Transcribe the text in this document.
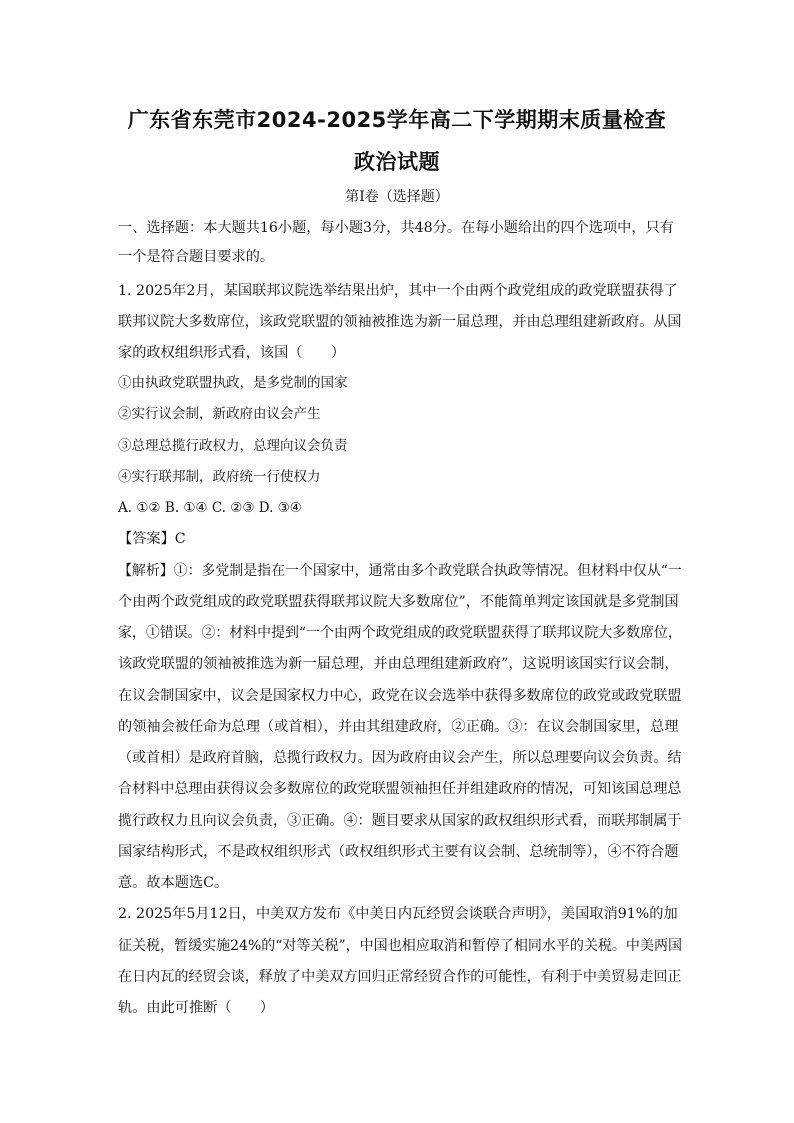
广东省东莞市2024-2025学年高二下学期期末质量检查
政治试题
第Ⅰ卷（选择题）
一、选择题：本大题共16小题，每小题3分，共48分。在每小题给出的四个选项中，只有
一个是符合题目要求的。
1. 2025年2月，某国联邦议院选举结果出炉，其中一个由两个政党组成的政党联盟获得了
联邦议院大多数席位，该政党联盟的领袖被推选为新一届总理，并由总理组建新政府。从国
家的政权组织形式看，该国（　　）
①由执政党联盟执政，是多党制的国家
②实行议会制，新政府由议会产生
③总理总揽行政权力，总理向议会负责
④实行联邦制，政府统一行使权力
A. ①② B. ①④ C. ②③ D. ③④
【答案】C
【解析】①：多党制是指在一个国家中，通常由多个政党联合执政等情况。但材料中仅从“一
个由两个政党组成的政党联盟获得联邦议院大多数席位”，不能简单判定该国就是多党制国
家，①错误。②：材料中提到“一个由两个政党组成的政党联盟获得了联邦议院大多数席位，
该政党联盟的领袖被推选为新一届总理，并由总理组建新政府”，这说明该国实行议会制，
在议会制国家中，议会是国家权力中心，政党在议会选举中获得多数席位的政党或政党联盟
的领袖会被任命为总理（或首相），并由其组建政府，②正确。③：在议会制国家里，总理
（或首相）是政府首脑，总揽行政权力。因为政府由议会产生，所以总理要向议会负责。结
合材料中总理由获得议会多数席位的政党联盟领袖担任并组建政府的情况，可知该国总理总
揽行政权力且向议会负责，③正确。④：题目要求从国家的政权组织形式看，而联邦制属于
国家结构形式，不是政权组织形式（政权组织形式主要有议会制、总统制等），④不符合题
意。故本题选C。
2. 2025年5月12日，中美双方发布《中美日内瓦经贸会谈联合声明》，美国取消91%的加
征关税，暂缓实施24%的“对等关税”，中国也相应取消和暂停了相同水平的关税。中美两国
在日内瓦的经贸会谈，释放了中美双方回归正常经贸合作的可能性，有利于中美贸易走回正
轨。由此可推断（　　）
